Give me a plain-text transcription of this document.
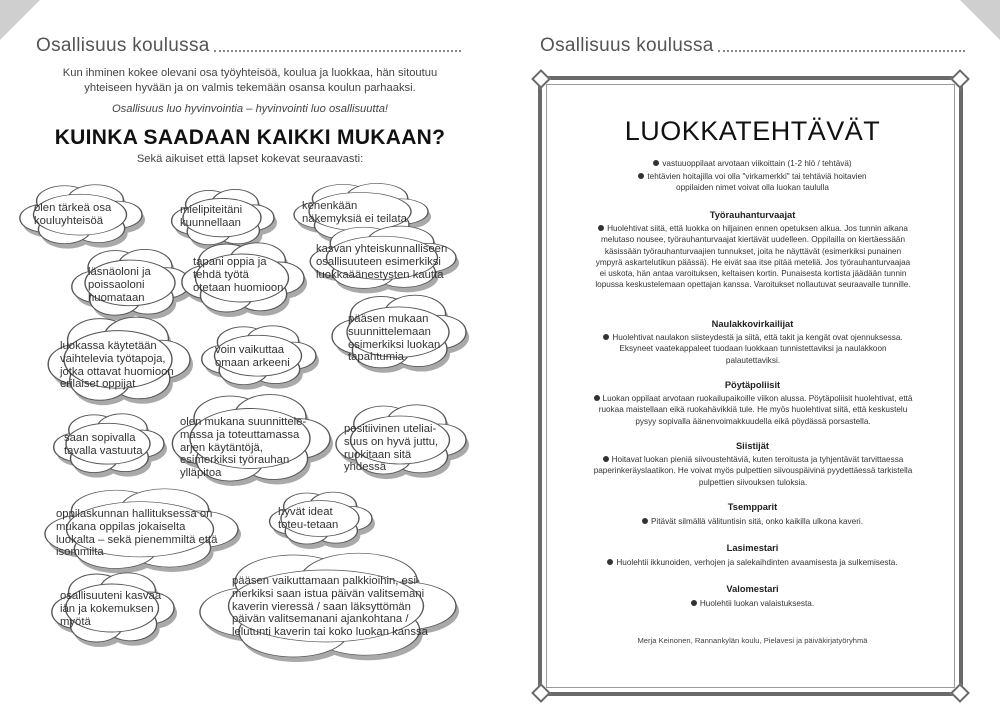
Osallisuus koulussa
Kun ihminen kokee olevani osa työyhteisöä, koulua ja luokkaa, hän sitoutuu yhteiseen hyvään ja on valmis tekemään osansa koulun parhaaksi.
Osallisuus luo hyvinvointia – hyvinvointi luo osallisuutta!
KUINKA SAADAAN KAIKKI MUKAAN?
Sekä aikuiset että lapset kokevat seuraavasti:
olen tärkeä osa kouluyhteisöä
mielipiteitäni kuunnellaan
kenenkään näkemyksiä ei teilata
kasvan yhteiskunnalliseen osallisuuteen esimerkiksi luokkaäänestysten kautta
läsnäoloni ja poissaoloni huomataan
tapani oppia ja tehdä työtä otetaan huomioon
pääsen mukaan suunnittelemaan esimerkiksi luokan tapahtumia
luokassa käytetään vaihtelevia työtapoja, jotka ottavat huomioon erilaiset oppijat
voin vaikuttaa omaan arkeeni
olen mukana suunnittele-massa ja toteuttamassa arjen käytäntöjä, esimerkiksi työrauhan ylläpitoa
saan sopivalla tavalla vastuuta
positiivinen uteliai-suus on hyvä juttu, ruokitaan sitä yhdessä
oppilaskunnan hallituksessa on mukana oppilas jokaiselta luokalta – sekä pienemmiltä että isommilta
hyvät ideat toteu-tetaan
osallisuuteni kasvaa iän ja kokemuksen myötä
pääsen vaikuttamaan palkkioihin, esi-merkiksi saan istua päivän valitsemani kaverin vieressä / saan läksyttömän päivän valitsemanani ajankohtana / lelutunti kaverin tai koko luokan kanssa
Osallisuus koulussa
LUOKKATEHTÄVÄT
vastuuoppilaat arvotaan viikoittain (1-2 hlö / tehtävä)
tehtävien hoitajilla voi olla "virkamerkki" tai tehtäviä hoitavien oppilaiden nimet voivat olla luokan taululla
Työrauhanturvaajat
Huolehtivat siitä, että luokka on hiljainen ennen opetuksen alkua. Jos tunnin aikana melutaso nousee, työrauhanturvaajat kiertävät uudelleen. Oppilailla on kiertäessään käsissään työrauhanturvaajien tunnukset, joita he näyttävät (esimerkiksi punainen ympyrä askartelutikun päässä). He eivät saa itse pitää meteliä. Jos työrauhanturvaajaa ei uskota, hän antaa varoituksen, keltaisen kortin. Punaisesta kortista jäädään tunnin lopussa keskustelemaan opettajan kanssa. Varoitukset nollautuvat seuraavalle tunnille.
Naulakkovirkailijat
Huolehtivat naulakon siisteydestä ja siitä, että takit ja kengät ovat ojennuksessa. Eksyneet vaatekappaleet tuodaan luokkaan tunnistettaviksi ja naulakkoon palautettaviksi.
Pöytäpoliisit
Luokan oppilaat arvotaan ruokailupaikoille viikon alussa. Pöytäpoliisit huolehtivat, että ruokaa maistellaan eikä ruokahävikkiä tule. He myös huolehtivat siitä, että keskustelu pysyy sopivalla äänenvoimakkuudella eikä pöydässä porsastella.
Siistijät
Hoitavat luokan pieniä siivoustehtäviä, kuten teroitusta ja tyhjentävät tarvittaessa paperinkeräyslaatikon. He voivat myös pulpettien siivouspäivinä pyydettäessä tarkistella pulpettien siivouksen tuloksia.
Tsempparit
Pitävät silmällä välituntisin sitä, onko kaikilla ulkona kaveri.
Lasimestari
Huolehtii ikkunoiden, verhojen ja salekaihdinten avaamisesta ja sulkemisesta.
Valomestari
Huolehtii luokan valaistuksesta.
Merja Keinonen, Rannankylän koulu, Pielavesi ja päiväkirjatyöryhmä
